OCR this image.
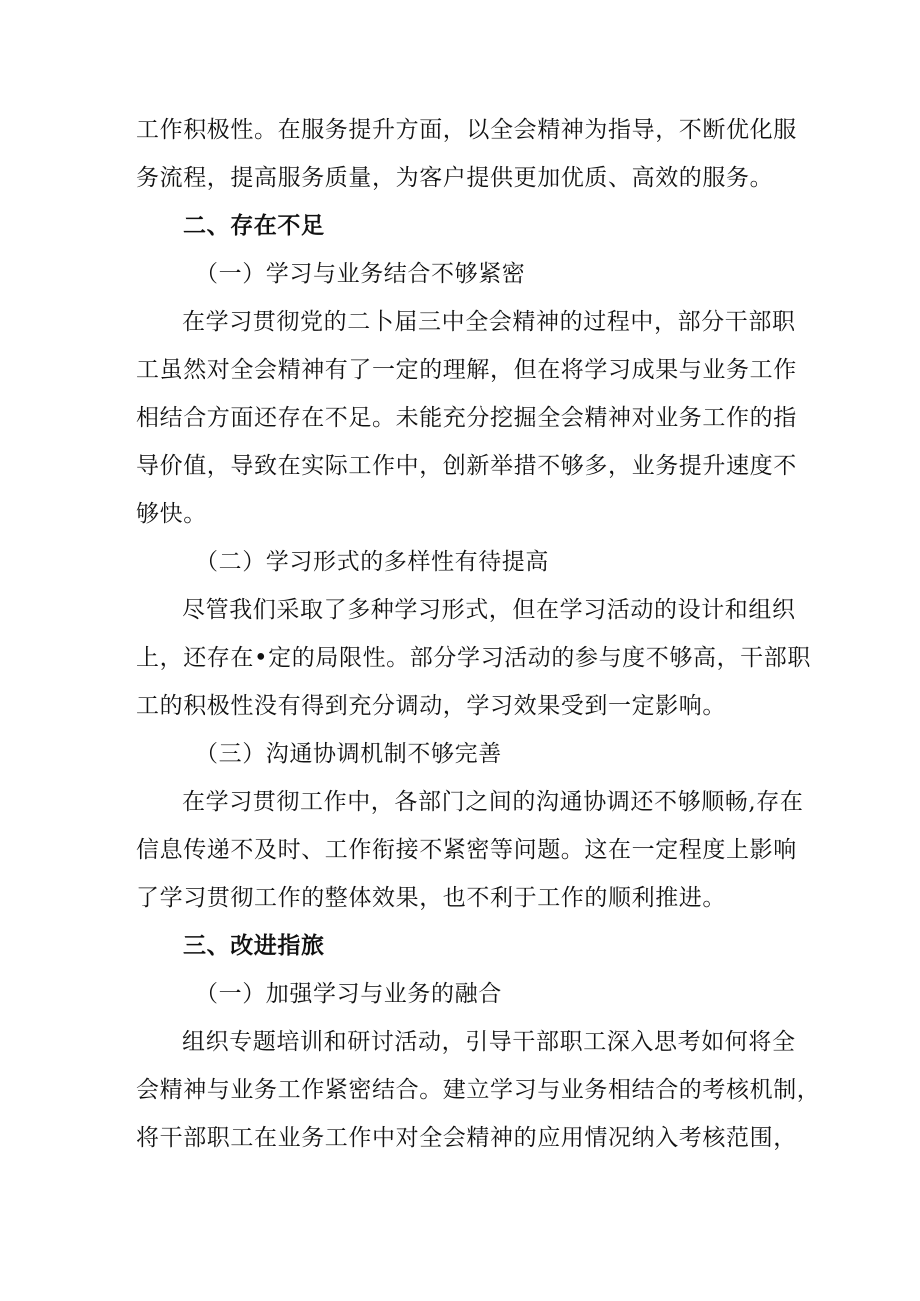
工作积极性。在服务提升方面，以全会精神为指导，不断优化服
务流程，提高服务质量，为客户提供更加优质、高效的服务。
二、存在不足
（一）学习与业务结合不够紧密
在学习贯彻党的二卜届三中全会精神的过程中，部分干部职
工虽然对全会精神有了一定的理解，但在将学习成果与业务工作
相结合方面还存在不足。未能充分挖掘全会精神对业务工作的指
导价值，导致在实际工作中，创新举措不够多，业务提升速度不
够快。
（二）学习形式的多样性有待提高
尽管我们采取了多种学习形式，但在学习活动的设计和组织
上，还存在•定的局限性。部分学习活动的参与度不够高，干部职
工的积极性没有得到充分调动，学习效果受到一定影响。
（三）沟通协调机制不够完善
在学习贯彻工作中，各部门之间的沟通协调还不够顺畅,存在
信息传递不及时、工作衔接不紧密等问题。这在一定程度上影响
了学习贯彻工作的整体效果，也不利于工作的顺利推进。
三、改进指旅
（一）加强学习与业务的融合
组织专题培训和研讨活动，引导干部职工深入思考如何将全
会精神与业务工作紧密结合。建立学习与业务相结合的考核机制，
将干部职工在业务工作中对全会精神的应用情况纳入考核范围，
